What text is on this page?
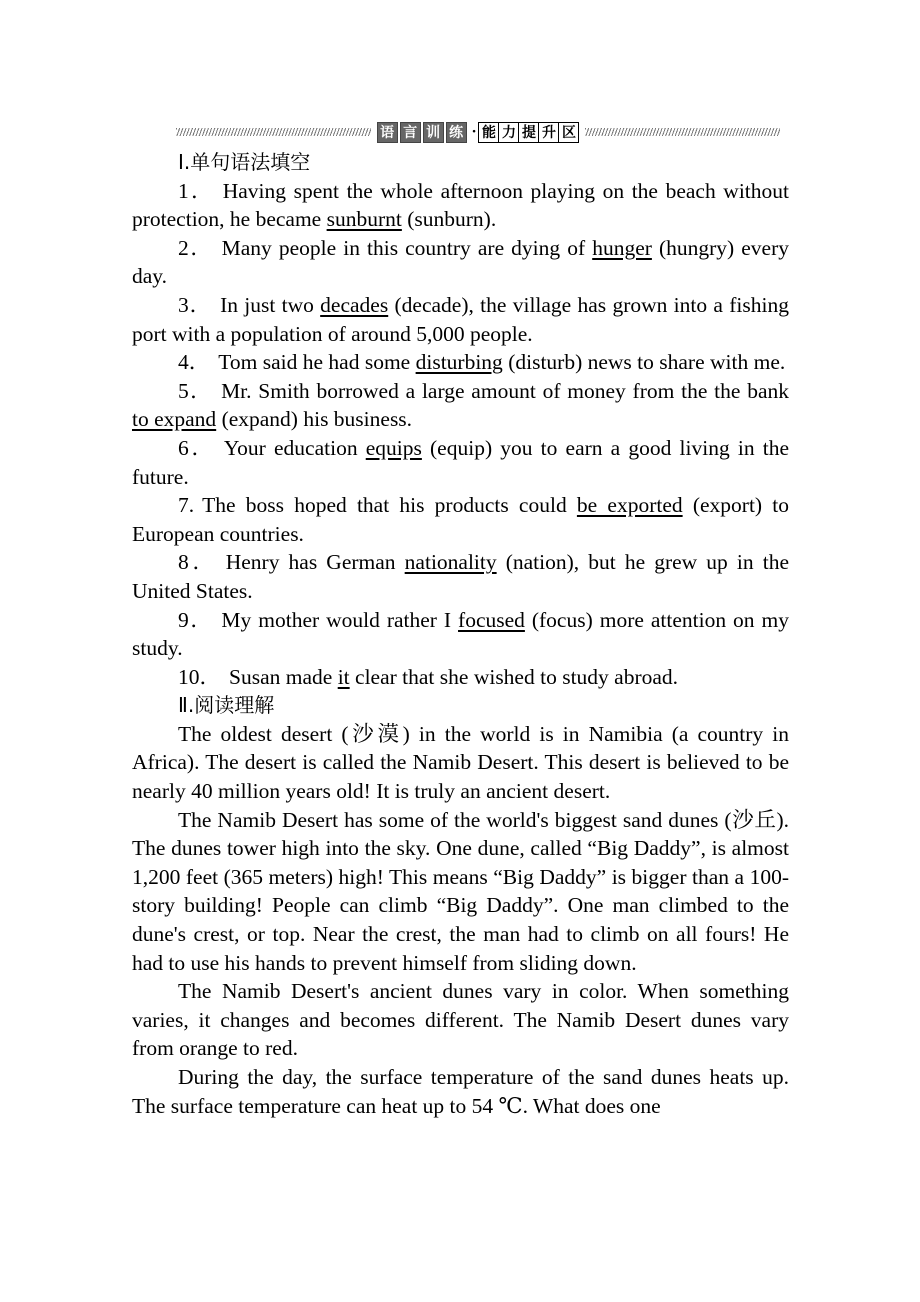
语 言 训 练 · 能 力 提 升 区

Ⅰ.单句语法填空

1． Having spent the whole afternoon playing on the beach without protection, he became sunburnt (sunburn).

2． Many people in this country are dying of hunger (hungry) every day.

3． In just two decades (decade), the village has grown into a fishing port with a population of around 5,000 people.

4． Tom said he had some disturbing (disturb) news to share with me.

5． Mr. Smith borrowed a large amount of money from the the bank to expand (expand) his business.

6． Your education equips (equip) you to earn a good living in the future.

7. The boss hoped that his products could be exported (export) to European countries.

8． Henry has German nationality (nation), but he grew up in the United States.

9． My mother would rather I focused (focus) more attention on my study.

10． Susan made it clear that she wished to study abroad.

Ⅱ.阅读理解

The oldest desert (沙漠) in the world is in Namibia (a country in Africa). The desert is called the Namib Desert. This desert is believed to be nearly 40 million years old! It is truly an ancient desert.

The Namib Desert has some of the world's biggest sand dunes (沙丘). The dunes tower high into the sky. One dune, called “Big Daddy”, is almost 1,200 feet (365 meters) high! This means “Big Daddy” is bigger than a 100-story building! People can climb “Big Daddy”. One man climbed to the dune's crest, or top. Near the crest, the man had to climb on all fours! He had to use his hands to prevent himself from sliding down.

The Namib Desert's ancient dunes vary in color. When something varies, it changes and becomes different. The Namib Desert dunes vary from orange to red.

During the day, the surface temperature of the sand dunes heats up. The surface temperature can heat up to 54 ℃. What does one
